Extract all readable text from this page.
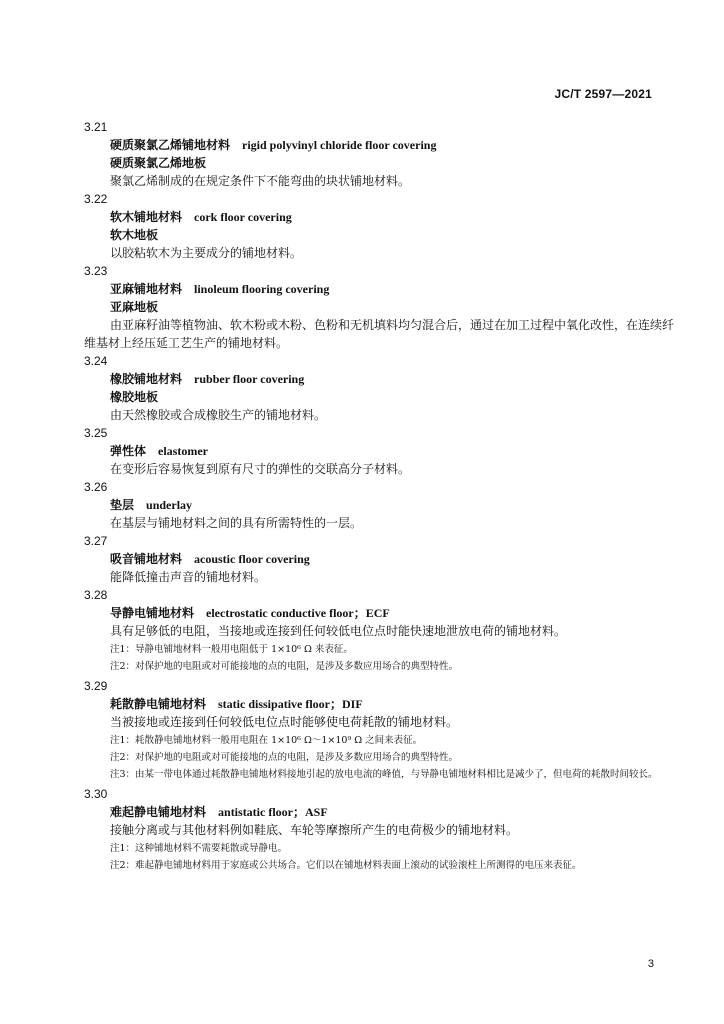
JC/T 2597—2021
3.21
硬质聚氯乙烯铺地材料 rigid polyvinyl chloride floor covering
硬质聚氯乙烯地板
聚氯乙烯制成的在规定条件下不能弯曲的块状铺地材料。
3.22
软木铺地材料 cork floor covering
软木地板
以胶粘软木为主要成分的铺地材料。
3.23
亚麻铺地材料 linoleum flooring covering
亚麻地板
由亚麻籽油等植物油、软木粉或木粉、色粉和无机填料均匀混合后，通过在加工过程中氧化改性，在连续纤维基材上经压延工艺生产的铺地材料。
3.24
橡胶铺地材料 rubber floor covering
橡胶地板
由天然橡胶或合成橡胶生产的铺地材料。
3.25
弹性体 elastomer
在变形后容易恢复到原有尺寸的弹性的交联高分子材料。
3.26
垫层 underlay
在基层与铺地材料之间的具有所需特性的一层。
3.27
吸音铺地材料 acoustic floor covering
能降低撞击声音的铺地材料。
3.28
导静电铺地材料 electrostatic conductive floor；ECF
具有足够低的电阻，当接地或连接到任何较低电位点时能快速地泄放电荷的铺地材料。
注1：导静电铺地材料一般用电阻低于 1×10⁶ Ω 来表征。
注2：对保护地的电阻或对可能接地的点的电阻，是涉及多数应用场合的典型特性。
3.29
耗散静电铺地材料 static dissipative floor；DIF
当被接地或连接到任何较低电位点时能够使电荷耗散的铺地材料。
注1：耗散静电铺地材料一般用电阻在 1×10⁶ Ω～1×10⁹ Ω 之间来表征。
注2：对保护地的电阻或对可能接地的点的电阻，是涉及多数应用场合的典型特性。
注3：由某一带电体通过耗散静电铺地材料接地引起的放电电流的峰值，与导静电铺地材料相比是减少了，但电荷的耗散时间较长。
3.30
难起静电铺地材料 antistatic floor；ASF
接触分离或与其他材料例如鞋底、车轮等摩擦所产生的电荷极少的铺地材料。
注1：这种铺地材料不需要耗散或导静电。
注2：难起静电铺地材料用于家庭或公共场合。它们以在铺地材料表面上滚动的试验滚柱上所测得的电压来表征。
3
